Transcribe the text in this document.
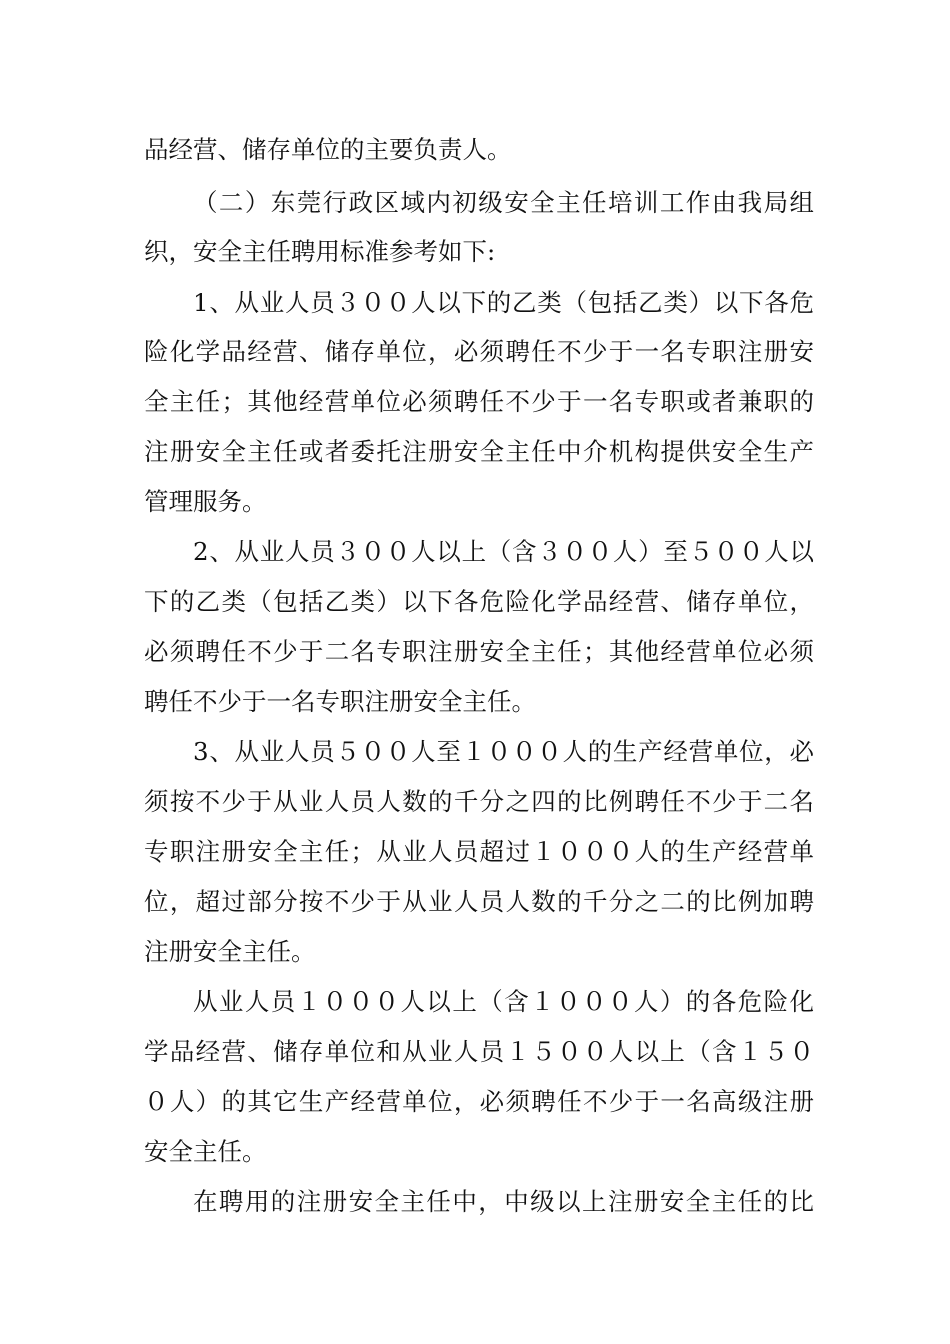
品经营、储存单位的主要负责人。
（二）东莞行政区域内初级安全主任培训工作由我局组
织，安全主任聘用标准参考如下:
1、从业人员３００人以下的乙类（包括乙类）以下各危
险化学品经营、储存单位，必须聘任不少于一名专职注册安
全主任；其他经营单位必须聘任不少于一名专职或者兼职的
注册安全主任或者委托注册安全主任中介机构提供安全生产
管理服务。
2、从业人员３００人以上（含３００人）至５００人以
下的乙类（包括乙类）以下各危险化学品经营、储存单位，
必须聘任不少于二名专职注册安全主任；其他经营单位必须
聘任不少于一名专职注册安全主任。
3、从业人员５００人至１０００人的生产经营单位，必
须按不少于从业人员人数的千分之四的比例聘任不少于二名
专职注册安全主任；从业人员超过１０００人的生产经营单
位，超过部分按不少于从业人员人数的千分之二的比例加聘
注册安全主任。
从业人员１０００人以上（含１０００人）的各危险化
学品经营、储存单位和从业人员１５００人以上（含１５０
０人）的其它生产经营单位，必须聘任不少于一名高级注册
安全主任。
在聘用的注册安全主任中，中级以上注册安全主任的比
